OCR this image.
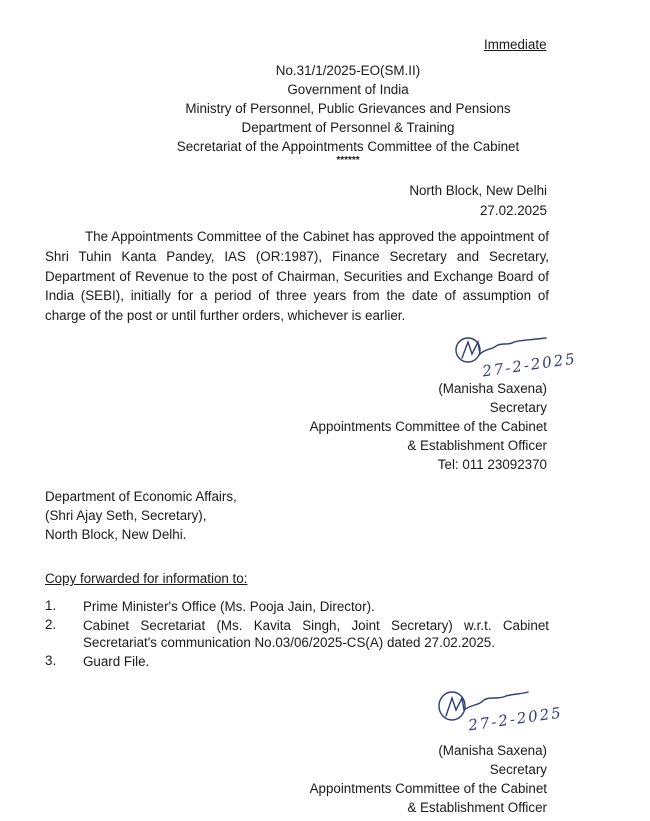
Immediate
No.31/1/2025-EO(SM.II)
Government of India
Ministry of Personnel, Public Grievances and Pensions
Department of Personnel & Training
Secretariat of the Appointments Committee of the Cabinet
******
North Block, New Delhi
27.02.2025

The Appointments Committee of the Cabinet has approved the appointment of Shri Tuhin Kanta Pandey, IAS (OR:1987), Finance Secretary and Secretary, Department of Revenue to the post of Chairman, Securities and Exchange Board of India (SEBI), initially for a period of three years from the date of assumption of charge of the post or until further orders, whichever is earlier.

27-2-2025
(Manisha Saxena)
Secretary
Appointments Committee of the Cabinet
& Establishment Officer
Tel: 011 23092370
Department of Economic Affairs,
(Shri Ajay Seth, Secretary),
North Block, New Delhi.
Copy forwarded for information to:
1. Prime Minister's Office (Ms. Pooja Jain, Director).
2. Cabinet Secretariat (Ms. Kavita Singh, Joint Secretary) w.r.t. Cabinet Secretariat's communication No.03/06/2025-CS(A) dated 27.02.2025.
3. Guard File.
27-2-2025
(Manisha Saxena)
Secretary
Appointments Committee of the Cabinet
& Establishment Officer
